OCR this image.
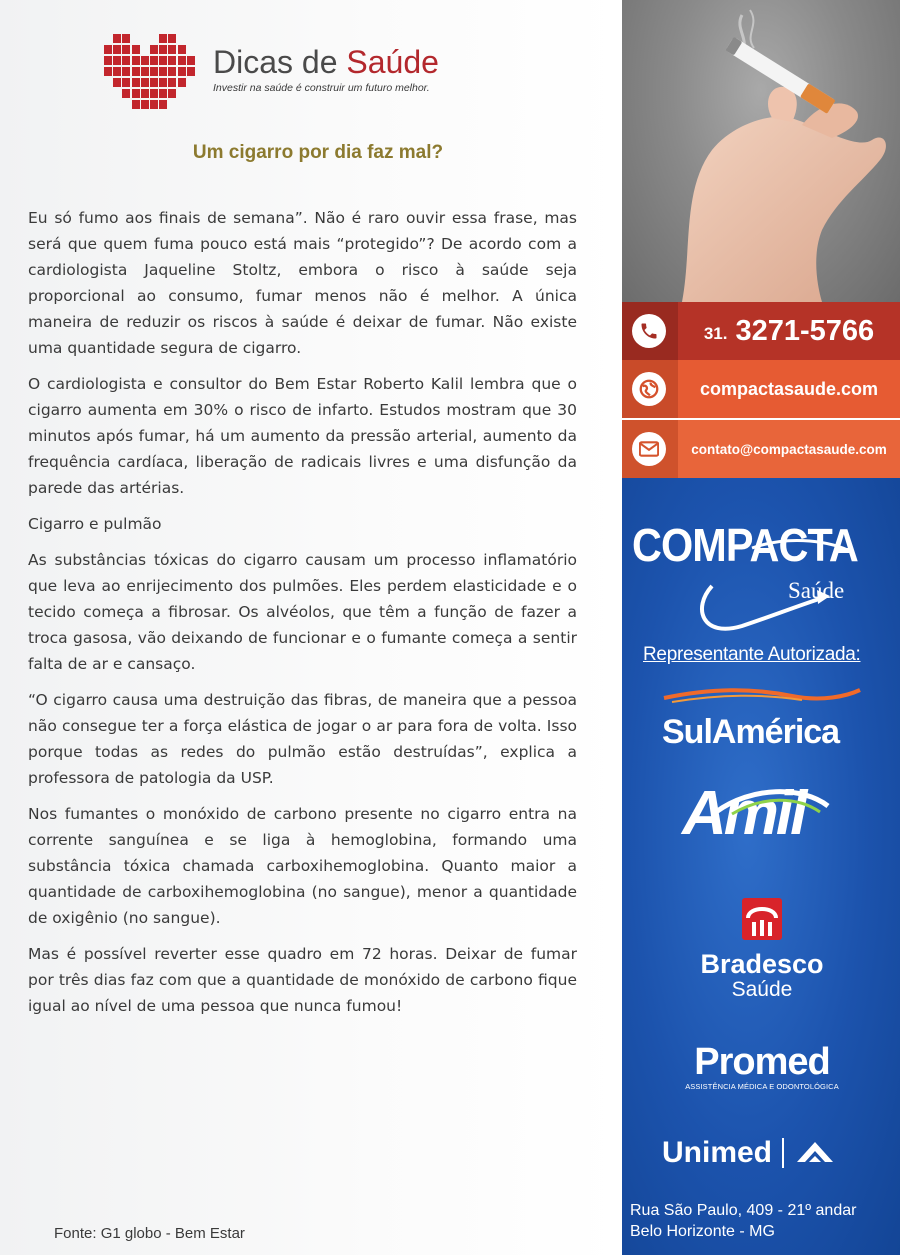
Dicas de Saúde
Investir na saúde é construir um futuro melhor.
Um cigarro por dia faz mal?

Eu só fumo aos finais de semana”. Não é raro ouvir essa frase, mas será que quem fuma pouco está mais “protegido”? De acordo com a cardiologista Jaqueline Stoltz, embora o risco à saúde seja proporcional ao consumo, fumar menos não é melhor. A única maneira de reduzir os riscos à saúde é deixar de fumar. Não existe uma quantidade segura de cigarro.

O cardiologista e consultor do Bem Estar Roberto Kalil lembra que o cigarro aumenta em 30% o risco de infarto. Estudos mostram que 30 minutos após fumar, há um aumento da pressão arterial, aumento da frequência cardíaca, liberação de radicais livres e uma disfunção da parede das artérias.

Cigarro e pulmão

As substâncias tóxicas do cigarro causam um processo inflamatório que leva ao enrijecimento dos pulmões. Eles perdem elasticidade e o tecido começa a fibrosar. Os alvéolos, que têm a função de fazer a troca gasosa, vão deixando de funcionar e o fumante começa a sentir falta de ar e cansaço.

“O cigarro causa uma destruição das fibras, de maneira que a pessoa não consegue ter a força elástica de jogar o ar para fora de volta. Isso porque todas as redes do pulmão estão destruídas”, explica a professora de patologia da USP.

Nos fumantes o monóxido de carbono presente no cigarro entra na corrente sanguínea e se liga à hemoglobina, formando uma substância tóxica chamada carboxihemoglobina. Quanto maior a quantidade de carboxihemoglobina (no sangue), menor a quantidade de oxigênio (no sangue).

Mas é possível reverter esse quadro em 72 horas. Deixar de fumar por três dias faz com que a quantidade de monóxido de carbono fique igual ao nível de uma pessoa que nunca fumou!

Fonte: G1 globo - Bem Estar
31. 3271-5766
compactasaude.com
contato@compactasaude.com
COMPACTA
Saúde
Representante Autorizada:
SulAmérica
Amil
Bradesco
Saúde
Promed
ASSISTÊNCIA MÉDICA E ODONTOLÓGICA
Unimed
Rua São Paulo, 409 - 21º andar
Belo Horizonte - MG
